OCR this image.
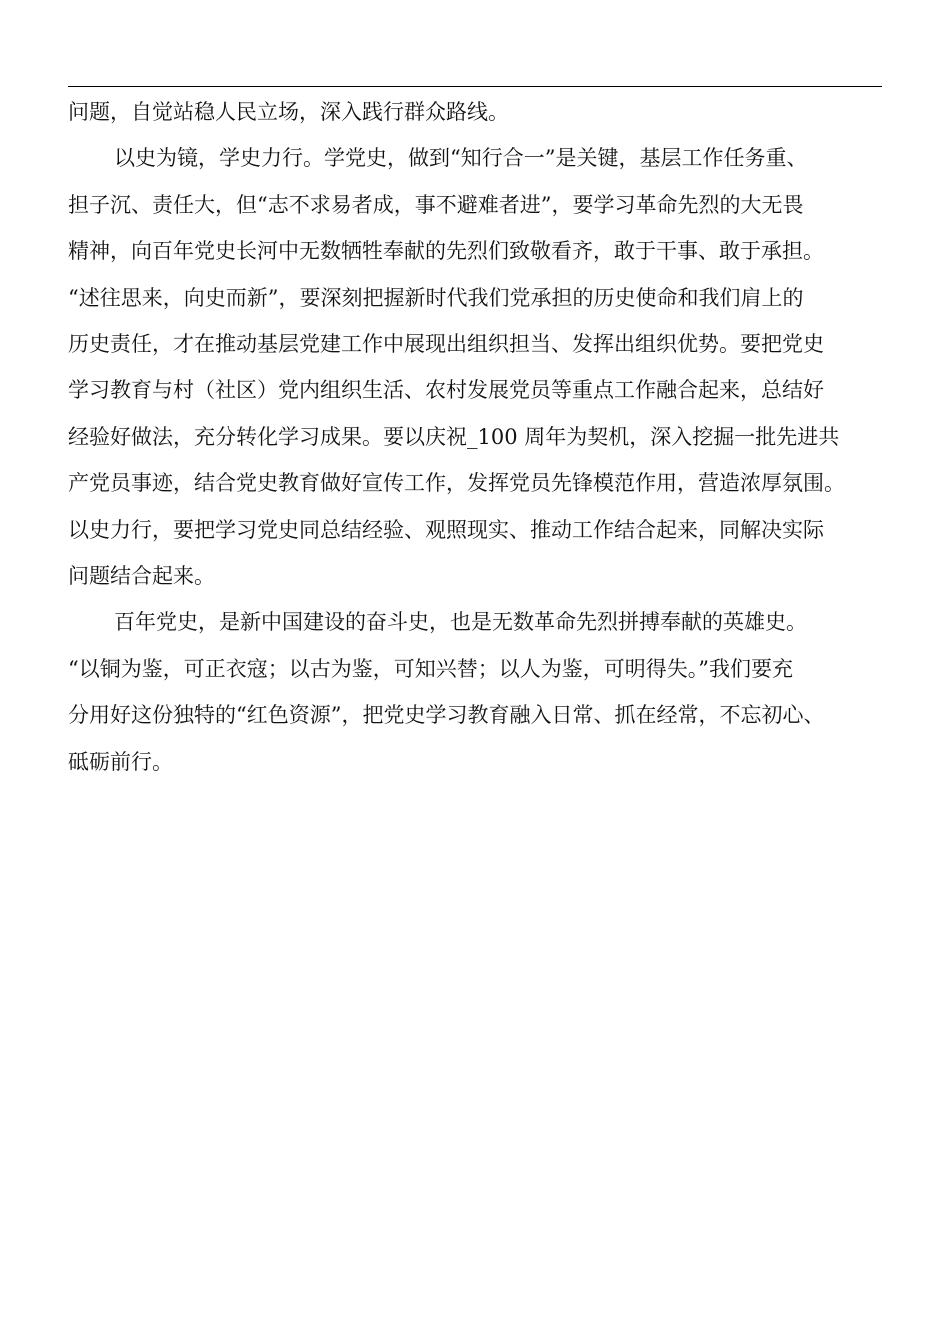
问题，自觉站稳人民立场，深入践行群众路线。
以史为镜，学史力行。学党史，做到“知行合一”是关键，基层工作任务重、
担子沉、责任大，但“志不求易者成，事不避难者进”，要学习革命先烈的大无畏
精神，向百年党史长河中无数牺牲奉献的先烈们致敬看齐，敢于干事、敢于承担。
“述往思来，向史而新”，要深刻把握新时代我们党承担的历史使命和我们肩上的
历史责任，才在推动基层党建工作中展现出组织担当、发挥出组织优势。要把党史
学习教育与村（社区）党内组织生活、农村发展党员等重点工作融合起来，总结好
经验好做法，充分转化学习成果。要以庆祝_100 周年为契机，深入挖掘一批先进共
产党员事迹，结合党史教育做好宣传工作，发挥党员先锋模范作用，营造浓厚氛围。
以史力行，要把学习党史同总结经验、观照现实、推动工作结合起来，同解决实际
问题结合起来。
百年党史，是新中国建设的奋斗史，也是无数革命先烈拼搏奉献的英雄史。
“以铜为鉴，可正衣寇；以古为鉴，可知兴替；以人为鉴，可明得失。”我们要充
分用好这份独特的“红色资源”，把党史学习教育融入日常、抓在经常，不忘初心、
砥砺前行。
